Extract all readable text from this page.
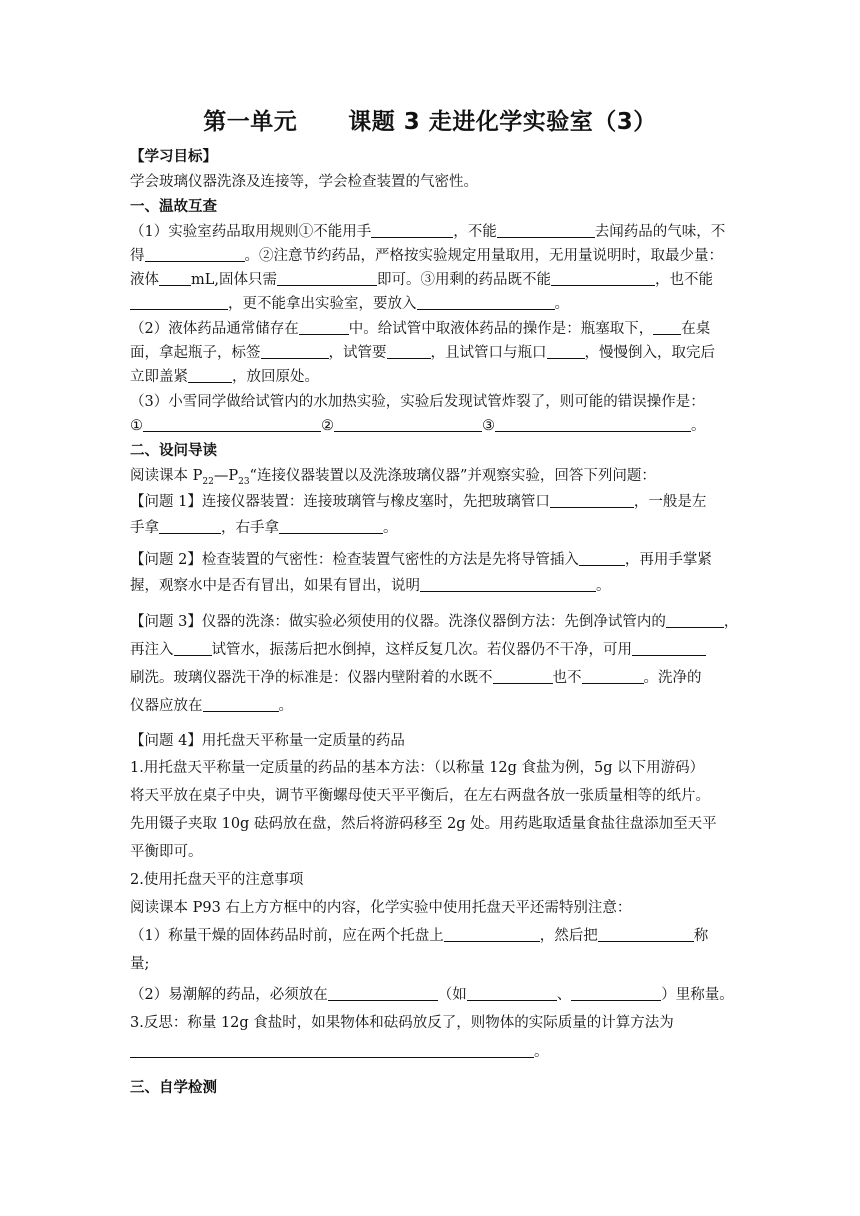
第一单元      课题 3 走进化学实验室（3）
【学习目标】
学会玻璃仪器洗涤及连接等，学会检查装置的气密性。
一、温故互查
（1）实验室药品取用规则①不能用手	，不能	去闻药品的气味，不
得	。②注意节约药品，严格按实验规定用量取用，无用量说明时，取最少量：
液体 mL,固体只需	即可。③用剩的药品既不能	，也不能
，更不能拿出实验室，要放入	。
（2）液体药品通常储存在	中。给试管中取液体药品的操作是：瓶塞取下， 在桌
面，拿起瓶子，标签	，试管要	，且试管口与瓶口	，慢慢倒入，取完后
立即盖紧	，放回原处。
（3）小雪同学做给试管内的水加热实验，实验后发现试管炸裂了，则可能的错误操作是：
①	②	③	。
二、设问导读
阅读课本 $P_{22}—P_{23}“$连接仪器装置以及洗涤玻璃仪器”并观察实验，回答下列问题：
【问题 1】连接仪器装置：连接玻璃管与橡皮塞时，先把玻璃管口	，一般是左
手拿	，右手拿	。
【问题 2】检查装置的气密性：检查装置气密性的方法是先将导管插入	，再用手掌紧
握，观察水中是否有冒出，如果有冒出，说明	。
【问题 3】仪器的洗涤：做实验必须使用的仪器。洗涤仪器倒方法：先倒净试管内的	，
再注入	试管水，振荡后把水倒掉，这样反复几次。若仪器仍不干净，可用
刷洗。玻璃仪器洗干净的标准是：仪器内壁附着的水既不	也不	。洗净的
仪器应放在	。
【问题 4】用托盘天平称量一定质量的药品
1.用托盘天平称量一定质量的药品的基本方法：（以称量 12g 食盐为例，5g 以下用游码）
将天平放在桌子中央，调节平衡螺母使天平平衡后，在左右两盘各放一张质量相等的纸片。
先用镊子夹取 10g 砝码放在盘，然后将游码移至 2g 处。用药匙取适量食盐往盘添加至天平
平衡即可。
2.使用托盘天平的注意事项
阅读课本 P93 右上方方框中的内容，化学实验中使用托盘天平还需特别注意：
（1）称量干燥的固体药品时前，应在两个托盘上	，然后把	称
量;
（2）易潮解的药品，必须放在	（如	、	）里称量。
3.反思：称量 12g 食盐时，如果物体和砝码放反了，则物体的实际质量的计算方法为
。
三、自学检测
